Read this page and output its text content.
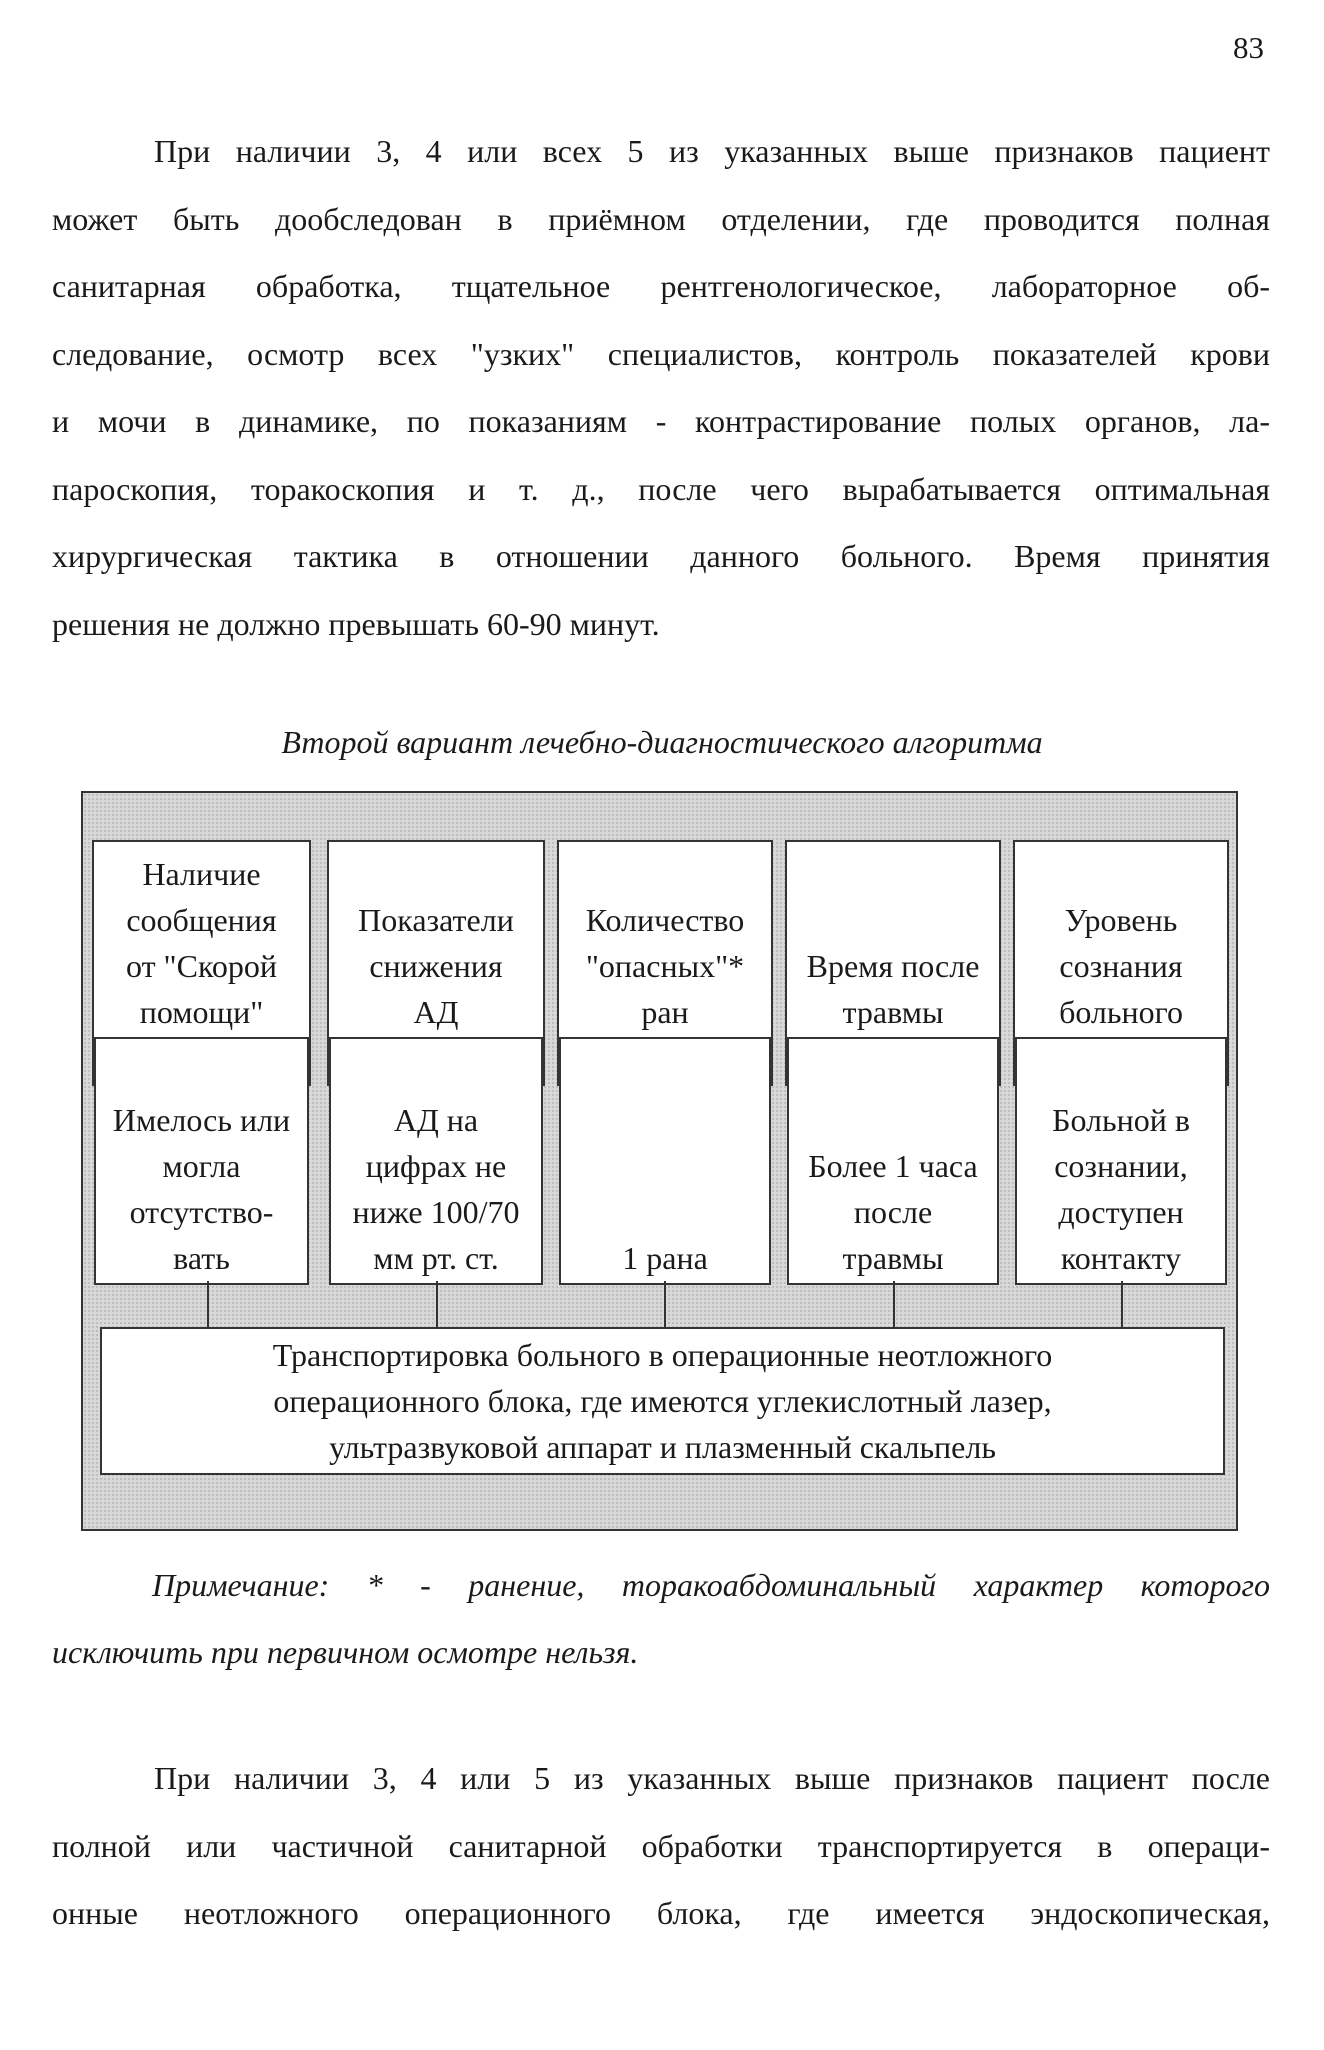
83

При наличии 3, 4 или всех 5 из указанных выше признаков пациент
может быть дообследован в приёмном отделении, где проводится полная
санитарная обработка, тщательное рентгенологическое, лабораторное об-
следование, осмотр всех "узких" специалистов, контроль показателей крови
и мочи в динамике, по показаниям - контрастирование полых органов, ла-
пароскопия, торакоскопия и т. д., после чего вырабатывается оптимальная
хирургическая тактика в отношении данного больного. Время принятия
решения не должно превышать 60-90 минут.

Второй вариант лечебно-диагностического алгоритма
Наличие
сообщения
от "Скорой
помощи"
Имелось или
могла
отсутство-
вать
Показатели
снижения
АД
АД на
цифрах не
ниже 100/70
мм рт. ст.
Количество
"опасных"*
ран
1 рана
Время после
травмы
Более 1 часа
после
травмы
Уровень
сознания
больного
Больной в
сознании,
доступен
контакту
Транспортировка больного в операционные неотложного
операционного блока, где имеются углекислотный лазер,
ультразвуковой аппарат и плазменный скальпель

Примечание: * - ранение, торакоабдоминальный характер которого
исключить при первичном осмотре нельзя.

При наличии 3, 4 или 5 из указанных выше признаков пациент после
полной или частичной санитарной обработки транспортируется в операци-
онные неотложного операционного блока, где имеется эндоскопическая,
